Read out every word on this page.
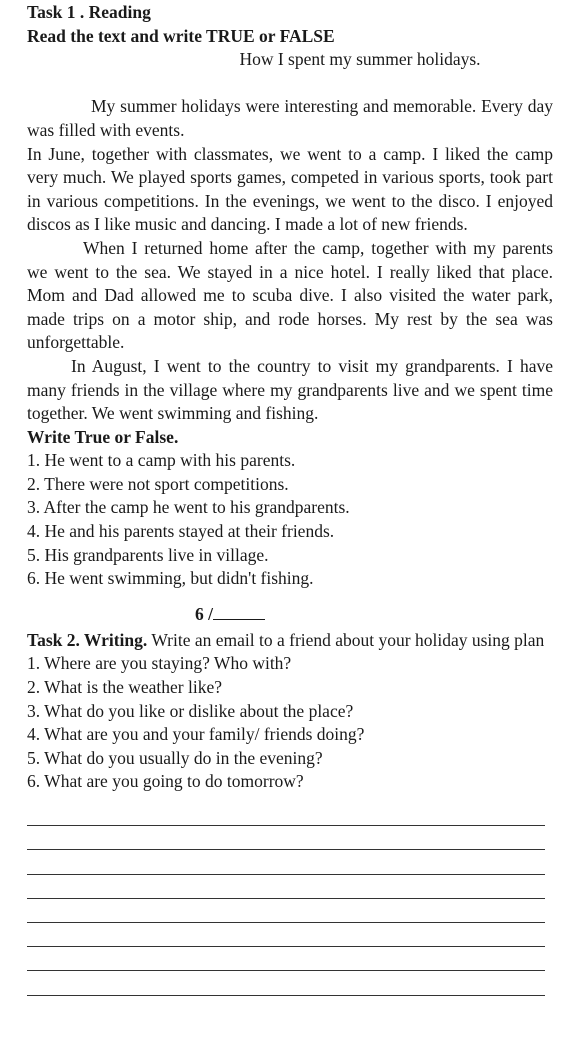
Task 1 . Reading

Read the text and write TRUE or FALSE

How I spent my summer holidays.

My summer holidays were interesting and memorable. Every day was filled with events.

In June, together with classmates, we went to a camp. I liked the camp very much. We played sports games, competed in various sports, took part in various competitions. In the evenings, we went to the disco. I enjoyed discos as I like music and dancing. I made a lot of new friends.

When I returned home after the camp, together with my parents we went to the sea. We stayed in a nice hotel. I really liked that place. Mom and Dad allowed me to scuba dive. I also visited the water park, made trips on a motor ship, and rode horses. My rest by the sea was unforgettable.

In August, I went to the country to visit my grandparents. I have many friends in the village where my grandparents live and we spent time together. We went swimming and fishing.

Write True or False.

1. He went to a camp with his parents.
2. There were not sport competitions.
3. After the camp he went to his grandparents.
4. He and his parents stayed at their friends.
5. His grandparents live in village.
6. He went swimming, but didn't fishing.
6 /

Task 2. Writing. Write an email to a friend about your holiday using plan

1. Where are you staying? Who with?
2. What is the weather like?
3. What do you like or dislike about the place?
4. What are you and your family/ friends doing?
5. What do you usually do in the evening?
6. What are you going to do tomorrow?
